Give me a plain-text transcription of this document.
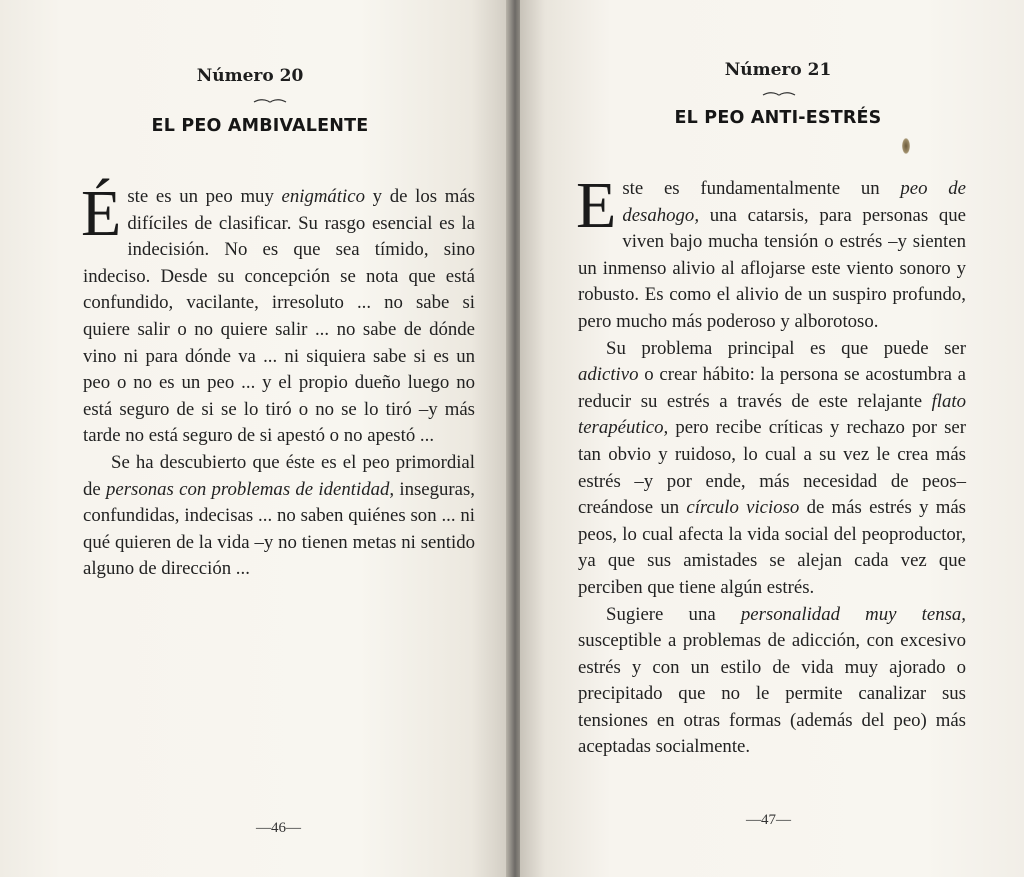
Número 20
EL PEO AMBIVALENTE

Éste es un peo muy enigmático y de los más difíciles de clasificar. Su rasgo esencial es la indecisión. No es que sea tímido, sino indeciso. Desde su concepción se nota que está confundido, vacilante, irresoluto ... no sabe si quiere salir o no quiere salir ... no sabe de dónde vino ni para dónde va ... ni siquiera sabe si es un peo o no es un peo ... y el propio dueño luego no está seguro de si se lo tiró o no se lo tiró –y más tarde no está seguro de si apestó o no apestó ...

Se ha descubierto que éste es el peo primordial de personas con problemas de identidad, inseguras, confundidas, indecisas ... no saben quiénes son ... ni qué quieren de la vida –y no tienen metas ni sentido alguno de dirección ...

—46—
Número 21
EL PEO ANTI-ESTRÉS

Este es fundamentalmente un peo de desahogo, una catarsis, para personas que viven bajo mucha tensión o estrés –y sienten un inmenso alivio al aflojarse este viento sonoro y robusto. Es como el alivio de un suspiro profundo, pero mucho más poderoso y alborotoso.

Su problema principal es que puede ser adictivo o crear hábito: la persona se acostumbra a reducir su estrés a través de este relajante flato terapéutico, pero recibe críticas y rechazo por ser tan obvio y ruidoso, lo cual a su vez le crea más estrés –y por ende, más necesidad de peos– creándose un círculo vicioso de más estrés y más peos, lo cual afecta la vida social del peoproductor, ya que sus amistades se alejan cada vez que perciben que tiene algún estrés.

Sugiere una personalidad muy tensa, susceptible a problemas de adicción, con excesivo estrés y con un estilo de vida muy ajorado o precipitado que no le permite canalizar sus tensiones en otras formas (además del peo) más aceptadas socialmente.

—47—
